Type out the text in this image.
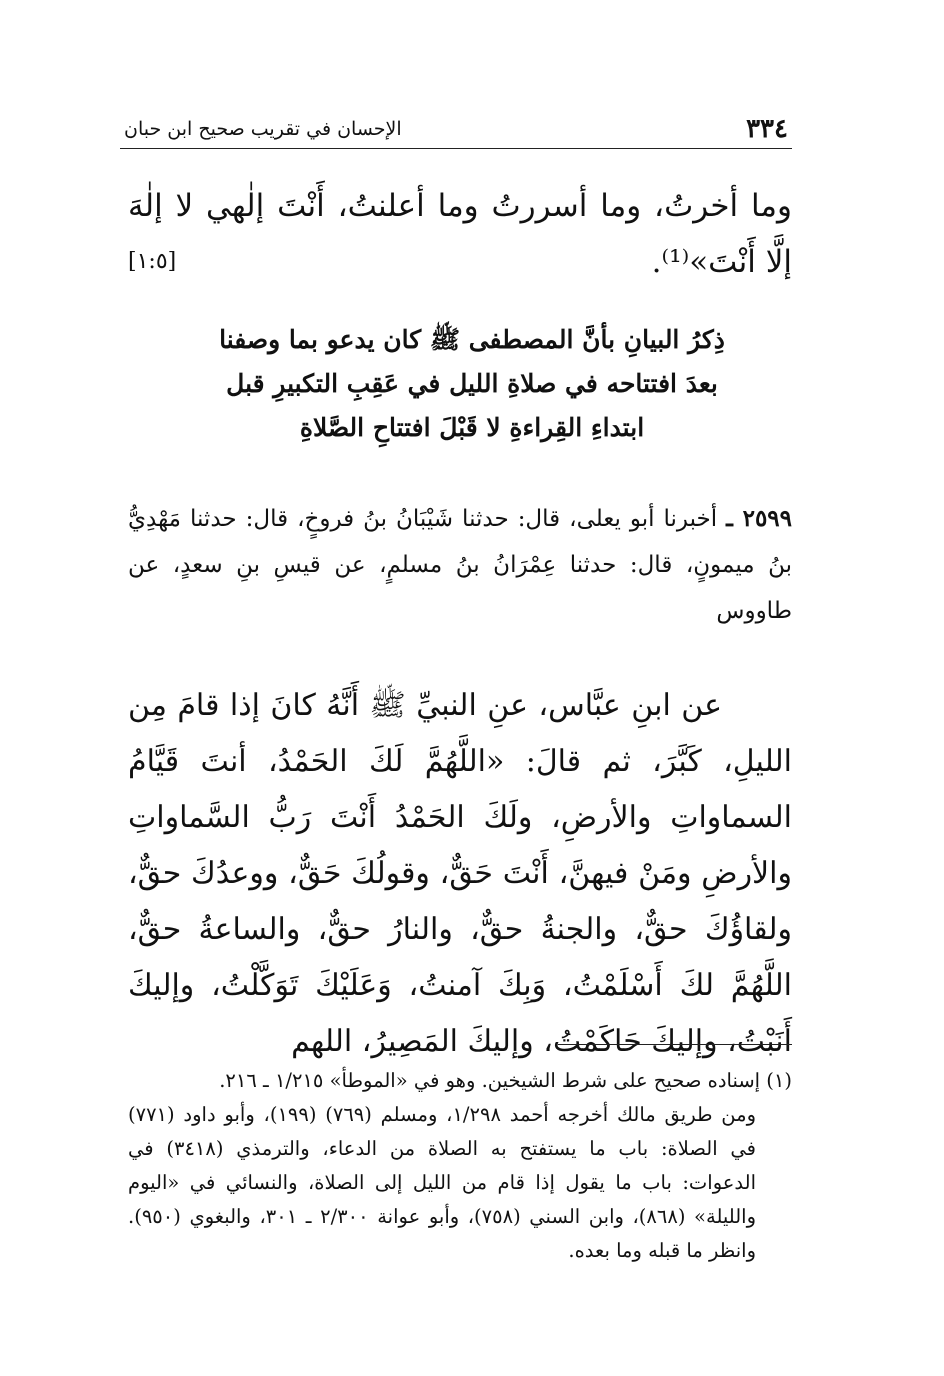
٣٣٤
الإحسان في تقريب صحيح ابن حبان
وما أخرتُ، وما أسررتُ وما أعلنتُ، أَنْتَ إلٰهي لا إلٰهَ إلَّا أَنْتَ»⁽¹⁾.
[١:٥]
ذِكرُ البيانِ بأنَّ المصطفى ﷺ كان يدعو بما وصفنا
بعدَ افتتاحه في صلاةِ الليل في عَقِبِ التكبيرِ قبل
ابتداءِ القِراءةِ لا قَبْلَ افتتاحِ الصَّلاةِ
٢٥٩٩ ـ أخبرنا أبو يعلى، قال: حدثنا شَيْبَانُ بنُ فروخٍ، قال: حدثنا مَهْدِيُّ بنُ ميمونٍ، قال: حدثنا عِمْرَانُ بنُ مسلمٍ، عن قيسِ بنِ سعدٍ، عن طاووس
عن ابنِ عبَّاس، عنِ النبيِّ ﷺ أَنَّهُ كانَ إذا قامَ مِن الليلِ، كَبَّرَ، ثم قالَ: «اللَّهُمَّ لَكَ الحَمْدُ، أنتَ قَيَّامُ السماواتِ والأرضِ، ولَكَ الحَمْدُ أَنْتَ رَبُّ السَّماواتِ والأرضِ ومَنْ فيهنَّ، أَنْتَ حَقٌّ، وقولُكَ حَقٌّ، ووعدُكَ حقٌّ، ولقاؤُكَ حقٌّ، والجنةُ حقٌّ، والنارُ حقٌّ، والساعةُ حقٌّ، اللَّهُمَّ لكَ أَسْلَمْتُ، وَبِكَ آمنتُ، وَعَلَيْكَ تَوَكَّلْتُ، وإليكَ أَنَبْتُ، وإليكَ حَاكَمْتُ، وإليكَ المَصِيرُ، اللهم

(١) إسناده صحيح على شرط الشيخين. وهو في «الموطأ» ١/٢١٥ ـ ٢١٦.

ومن طريق مالك أخرجه أحمد ١/٢٩٨، ومسلم (٧٦٩) (١٩٩)، وأبو داود (٧٧١) في الصلاة: باب ما يستفتح به الصلاة من الدعاء، والترمذي (٣٤١٨) في الدعوات: باب ما يقول إذا قام من الليل إلى الصلاة، والنسائي في «اليوم والليلة» (٨٦٨)، وابن السني (٧٥٨)، وأبو عوانة ٢/٣٠٠ ـ ٣٠١، والبغوي (٩٥٠). وانظر ما قبله وما بعده.
